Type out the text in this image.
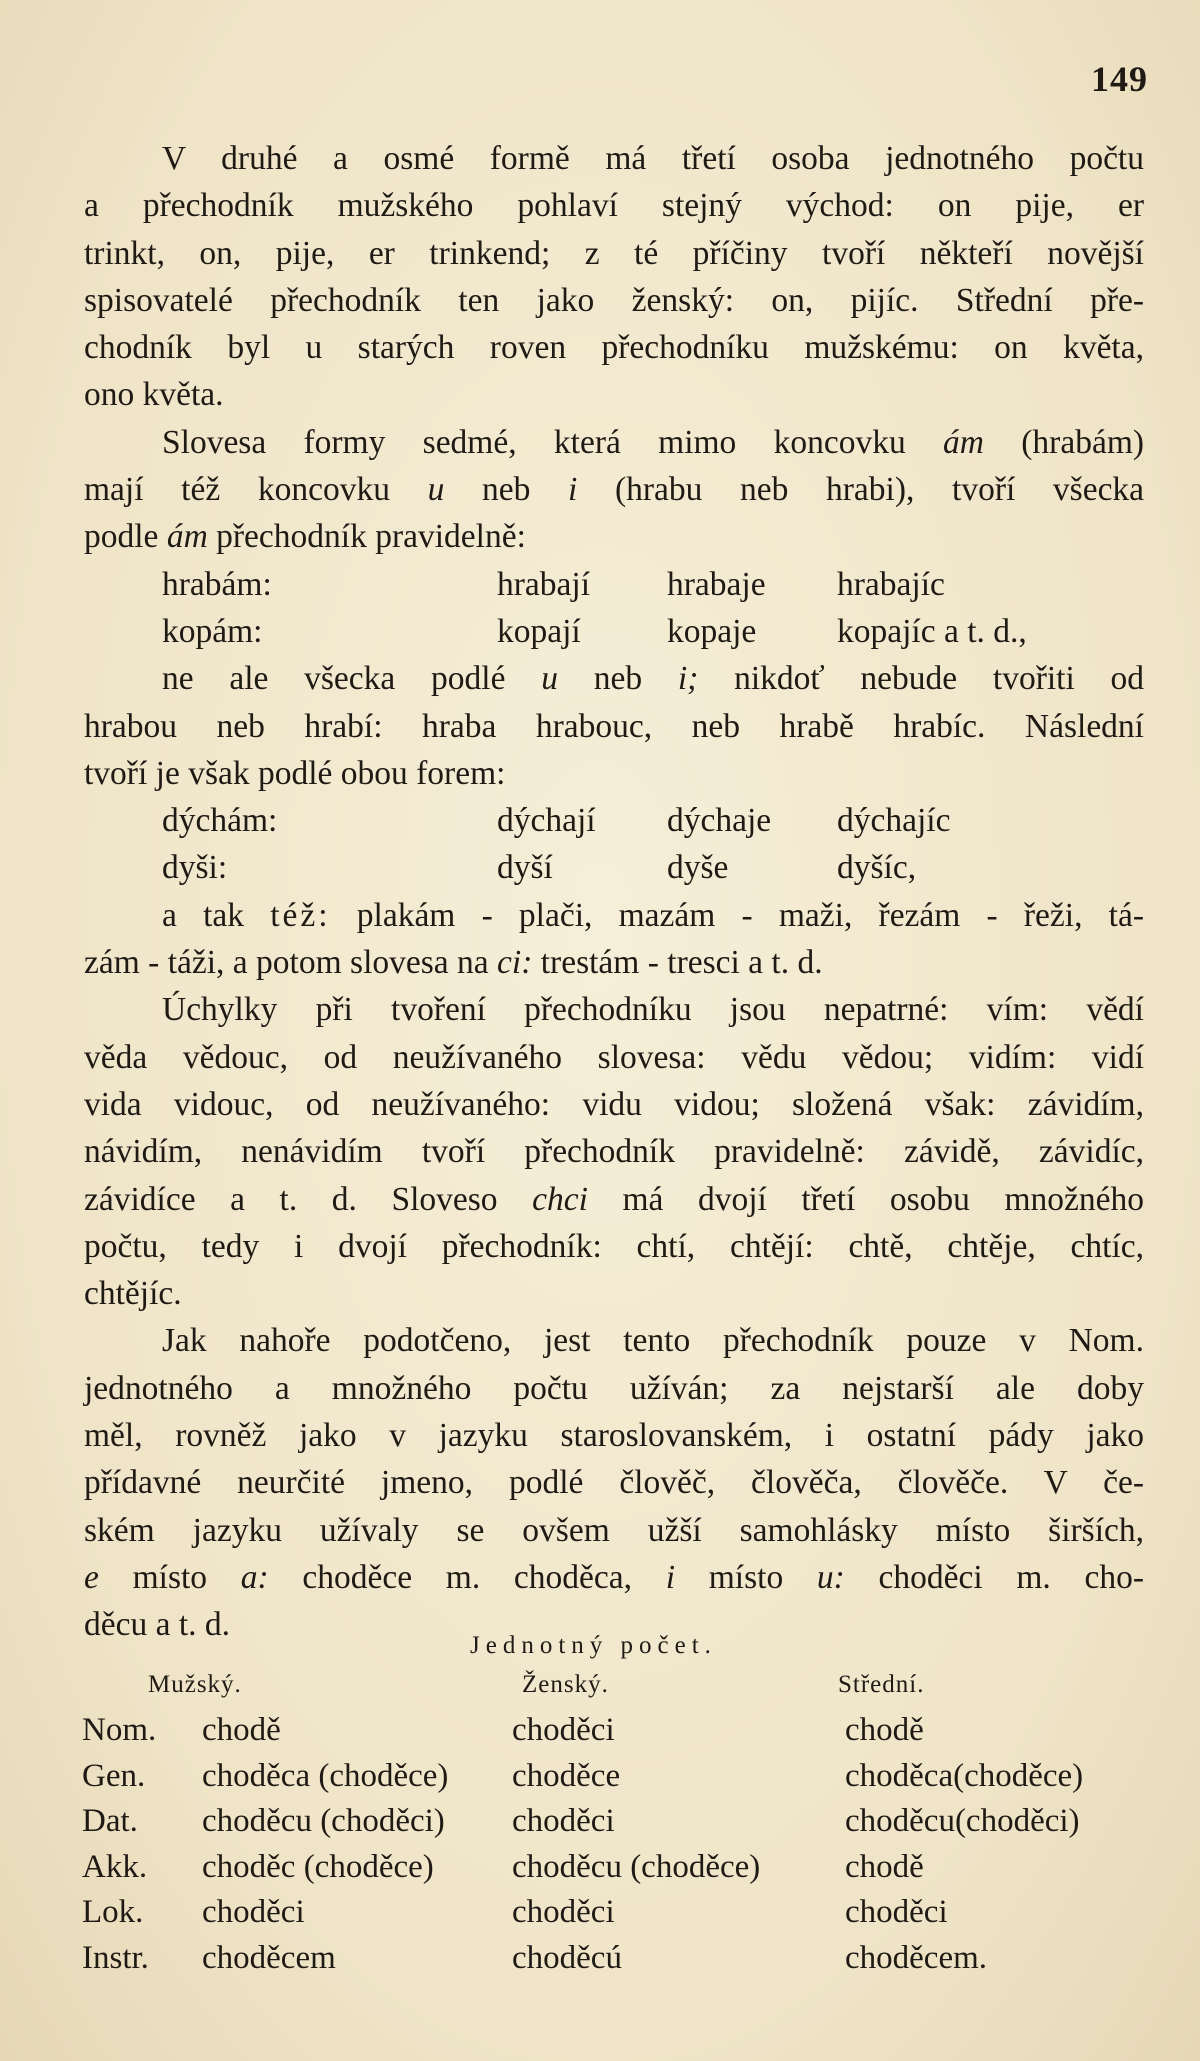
149
V druhé a osmé formě má třetí osoba jednotného počtu
a přechodník mužského pohlaví stejný východ: on pije, er
trinkt, on, pije, er trinkend; z té příčiny tvoří někteří novější
spisovatelé přechodník ten jako ženský: on, pijíc. Střední pře-
chodník byl u starých roven přechodníku mužskému: on květa,
ono květa.
Slovesa formy sedmé, která mimo koncovku ám (hrabám)
mají též koncovku u neb i (hrabu neb hrabi), tvoří všecka
podle ám přechodník pravidelně:
hrabám:	hrabají	hrabaje	hrabajíc
kopám:	kopají	kopaje	kopajíc a t. d.,
ne ale všecka podlé u neb i; nikdoť nebude tvořiti od
hrabou neb hrabí: hraba hrabouc, neb hrabě hrabíc. Následní
tvoří je však podlé obou forem:
dýchám:	dýchají	dýchaje	dýchajíc
dyši:	dyší	dyše	dyšíc,
a tak též: plakám - plači, mazám - maži, řezám - řeži, tá-
zám - táži, a potom slovesa na ci: trestám - tresci a t. d.
Úchylky při tvoření přechodníku jsou nepatrné: vím: vědí
věda vědouc, od neužívaného slovesa: vědu vědou; vidím: vidí
vida vidouc, od neužívaného: vidu vidou; složená však: závidím,
návidím, nenávidím tvoří přechodník pravidelně: závidě, závidíc,
závidíce a t. d. Sloveso chci má dvojí třetí osobu množného
počtu, tedy i dvojí přechodník: chtí, chtějí: chtě, chtěje, chtíc,
chtějíc.
Jak nahoře podotčeno, jest tento přechodník pouze v Nom.
jednotného a množného počtu užíván; za nejstarší ale doby
měl, rovněž jako v jazyku staroslovanském, i ostatní pády jako
přídavné neurčité jmeno, podlé člověč, člověča, člověče. V če-
ském jazyku užívaly se ovšem užší samohlásky místo širších,
e místo a: choděce m. choděca, i místo u: choděci m. cho-
děcu a t. d.
Jednotný počet.
Mužský.	Ženský.	Střední.
Nom.	chodě	choděci	chodě
Gen.	choděca (choděce)	choděce	choděca(choděce)
Dat.	choděcu (choděci)	choděci	choděcu(choděci)
Akk.	choděc (choděce)	choděcu (choděce)	chodě
Lok.	choděci	choděci	choděci
Instr.	choděcem	choděcú	choděcem.
